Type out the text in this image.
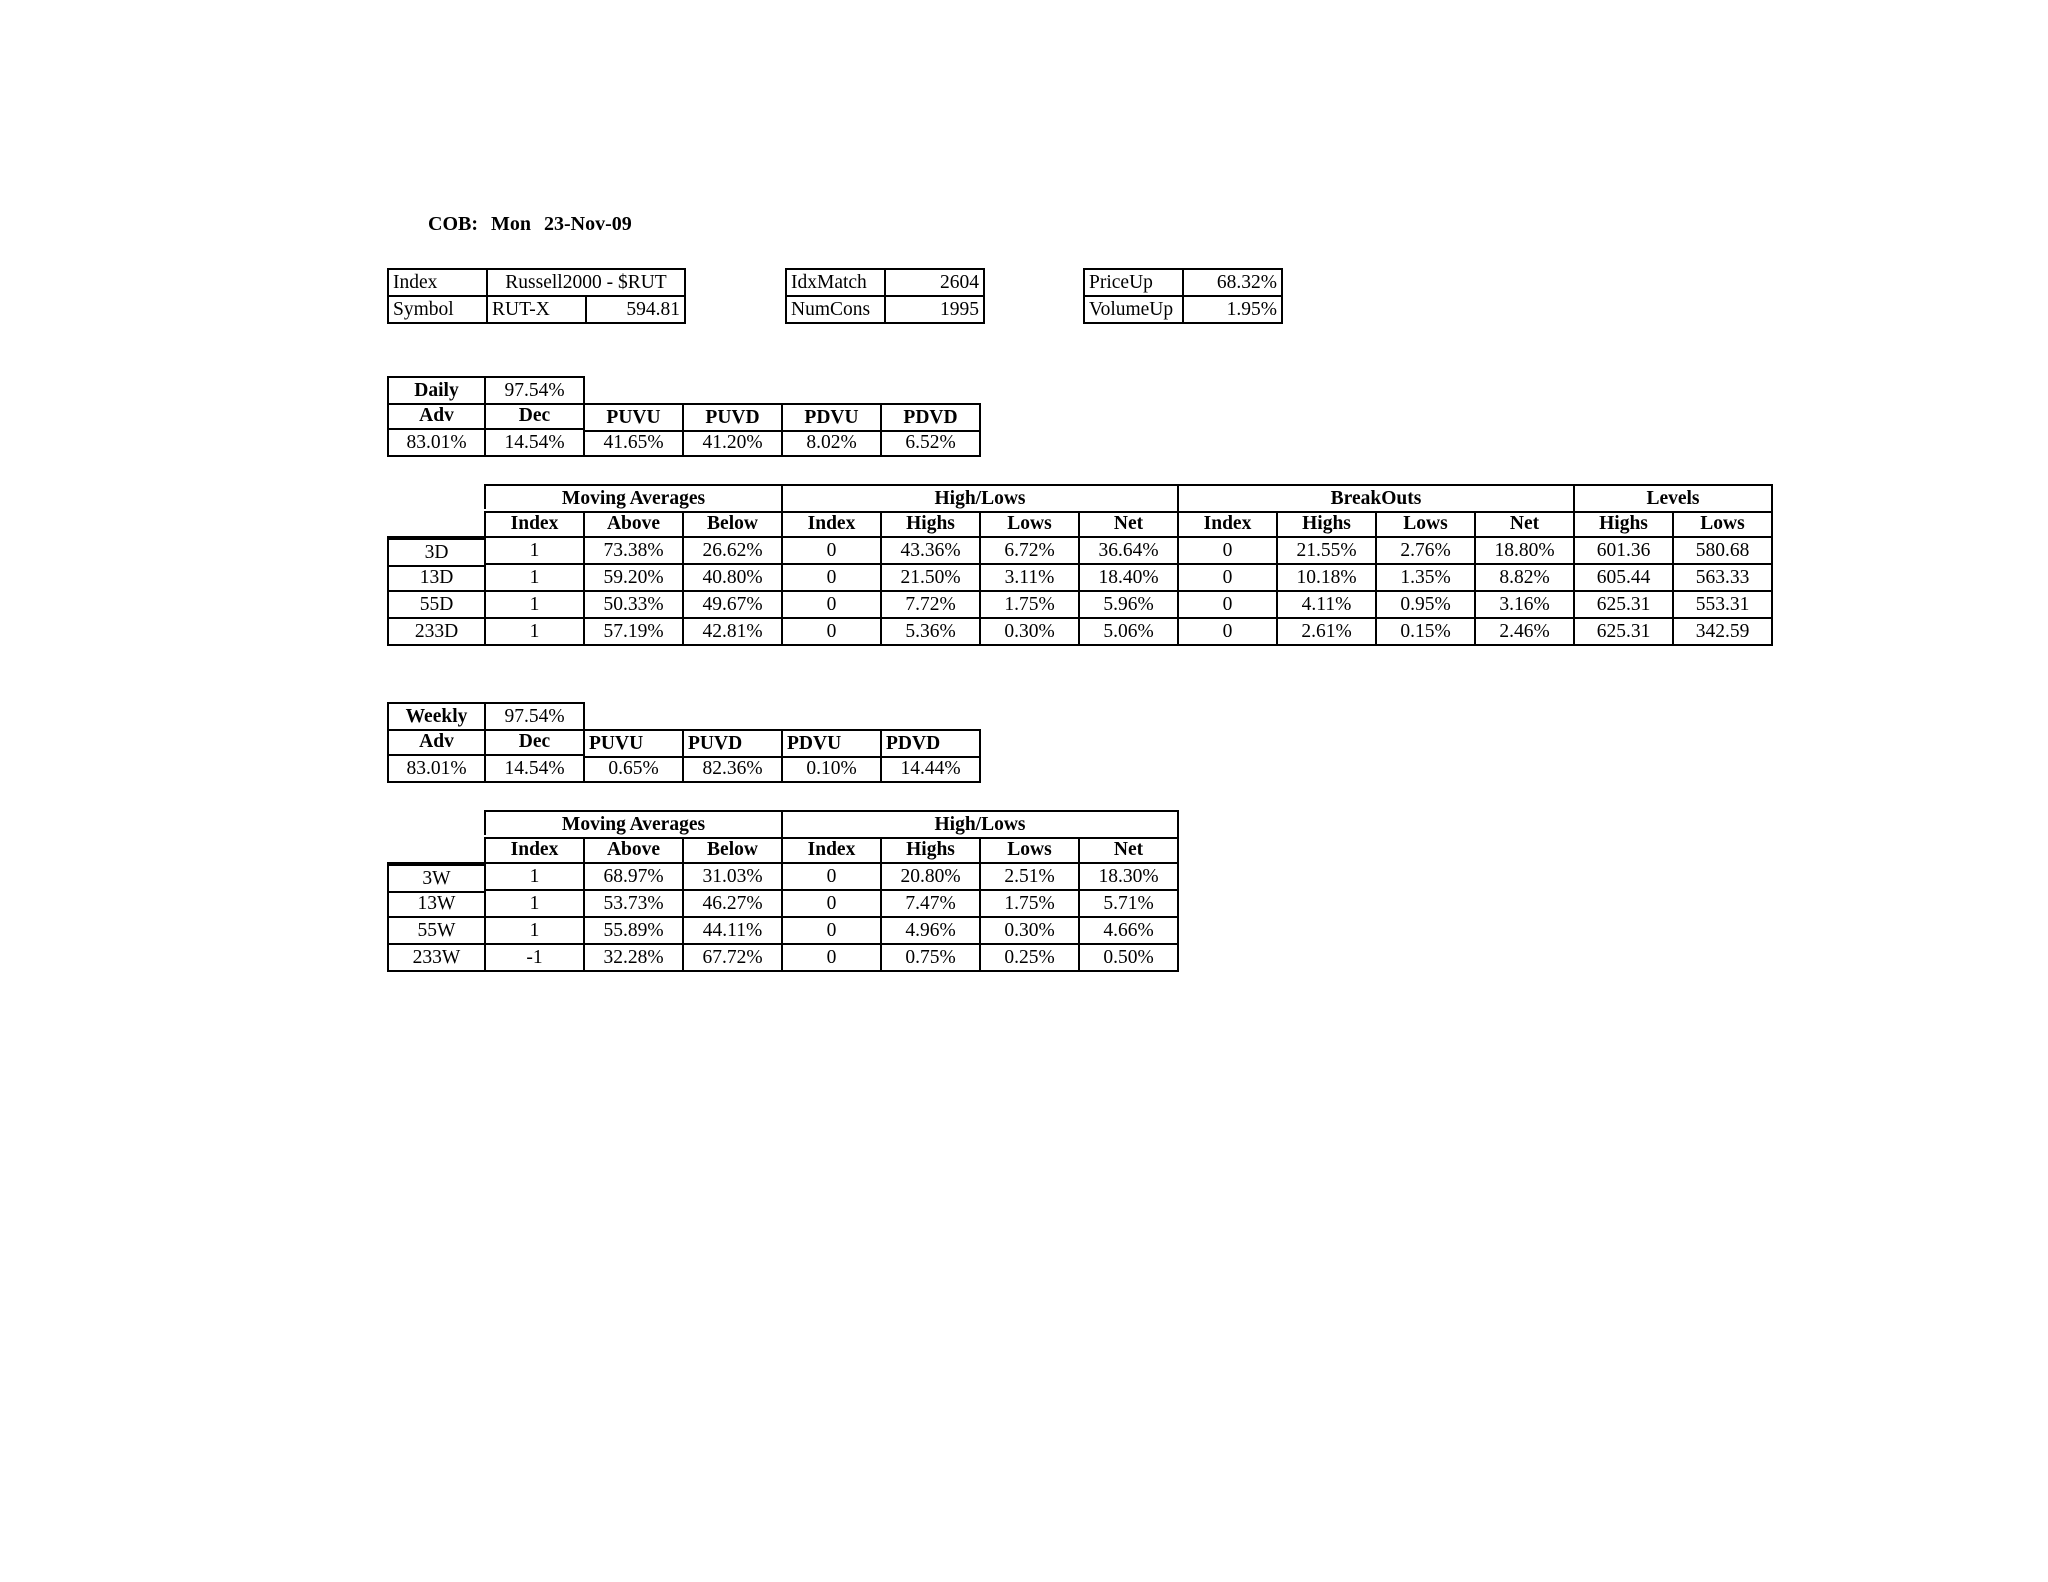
COB: Mon 23-Nov-09
Index	Russell2000 - $RUT
Symbol	RUT-X	594.81
IdxMatch	2604
NumCons	1995
PriceUp	68.32%
VolumeUp	1.95%
Daily	97.54%
Adv	Dec	PUVU	PUVD	PDVU	PDVD
83.01%	14.54%	41.65%	41.20%	8.02%	6.52%
Moving Averages	High/Lows	BreakOuts	Levels
Index	Above	Below	Index	Highs	Lows	Net	Index	Highs	Lows	Net	Highs	Lows
3D	1	73.38%	26.62%	0	43.36%	6.72%	36.64%	0	21.55%	2.76%	18.80%	601.36	580.68
13D	1	59.20%	40.80%	0	21.50%	3.11%	18.40%	0	10.18%	1.35%	8.82%	605.44	563.33
55D	1	50.33%	49.67%	0	7.72%	1.75%	5.96%	0	4.11%	0.95%	3.16%	625.31	553.31
233D	1	57.19%	42.81%	0	5.36%	0.30%	5.06%	0	2.61%	0.15%	2.46%	625.31	342.59
Weekly	97.54%
Adv	Dec	PUVU	PUVD	PDVU	PDVD
83.01%	14.54%	0.65%	82.36%	0.10%	14.44%
Moving Averages	High/Lows
Index	Above	Below	Index	Highs	Lows	Net
3W	1	68.97%	31.03%	0	20.80%	2.51%	18.30%
13W	1	53.73%	46.27%	0	7.47%	1.75%	5.71%
55W	1	55.89%	44.11%	0	4.96%	0.30%	4.66%
233W	-1	32.28%	67.72%	0	0.75%	0.25%	0.50%
